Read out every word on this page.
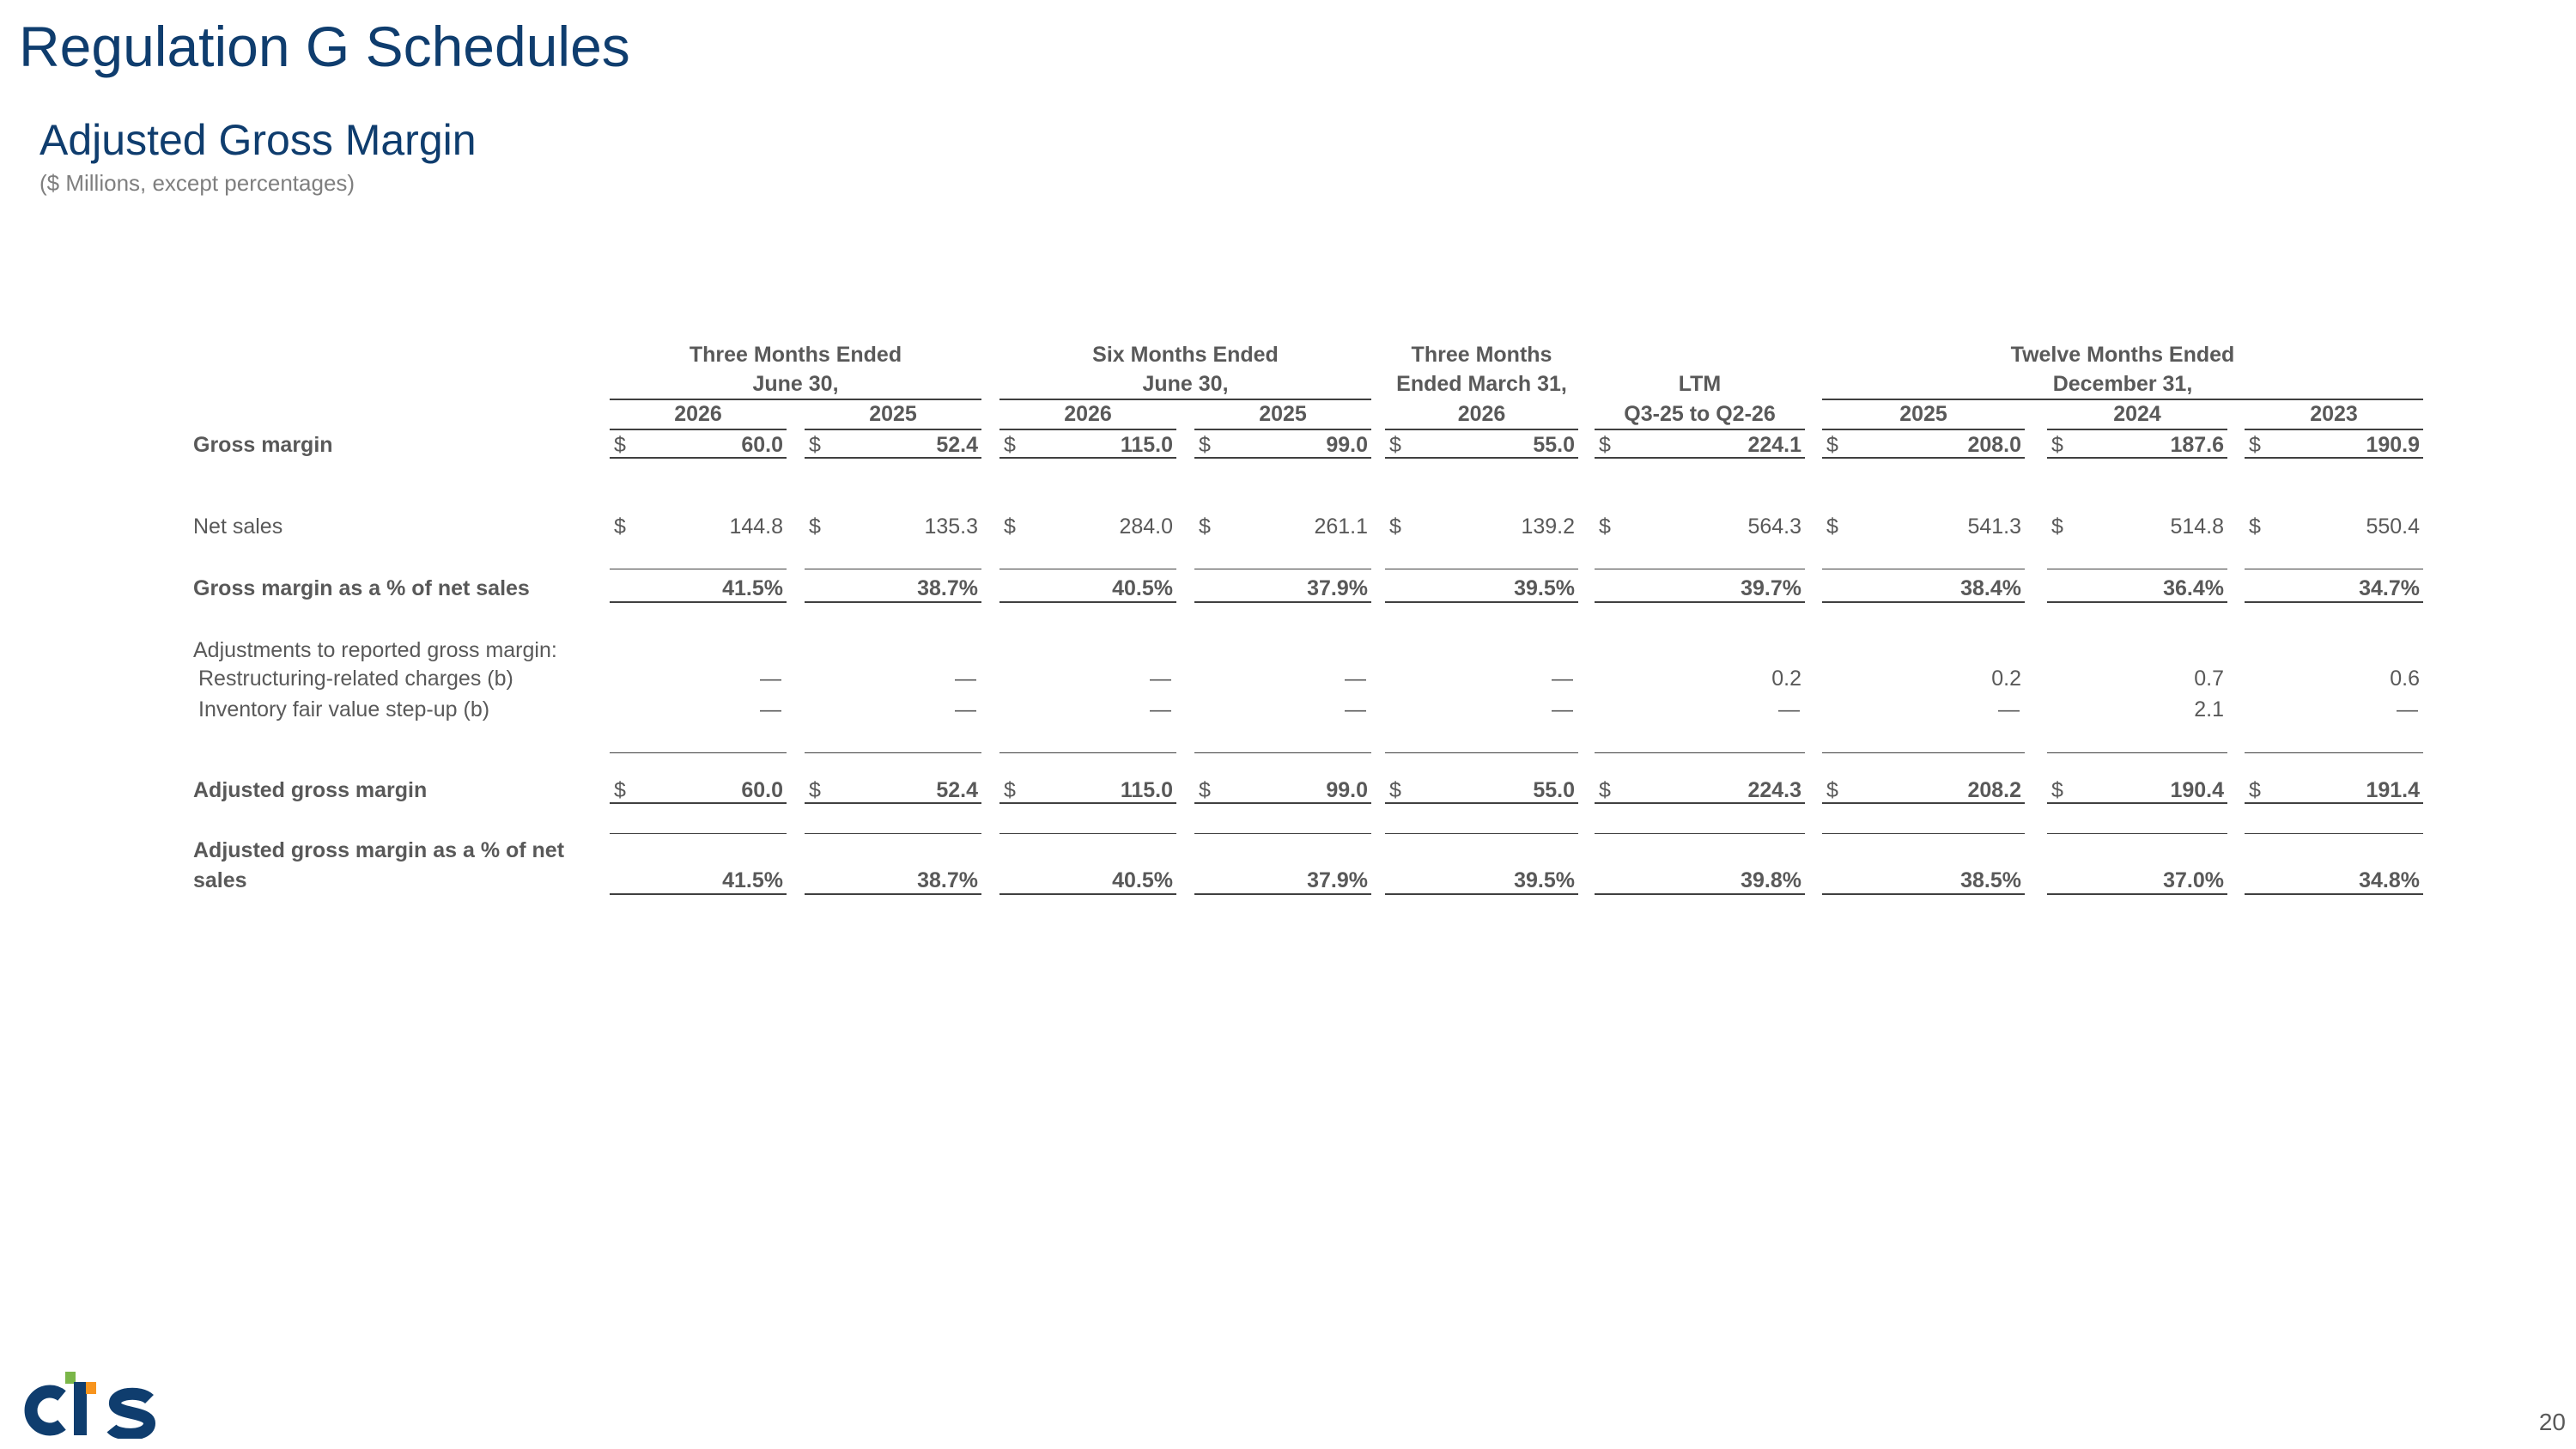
Regulation G Schedules
Adjusted Gross Margin
($ Millions, except percentages)
Three Months Ended
June 30,
Six Months Ended
June 30,
Three Months
Ended March 31,	LTM
Twelve Months Ended
December 31,
2026	2025	2026	2025	2026	Q3-25 to Q2-26	2025	2024	2023
Gross margin	$	60.0 $	52.4 $	115.0 $	99.0 $	55.0 $	224.1 $	208.0 $	187.6 $	190.9
Net sales	$	144.8 $	135.3 $	284.0 $	261.1 $	139.2 $	564.3 $	541.3 $	514.8 $	550.4
Gross margin as a % of net sales	41.5%	38.7%	40.5%	37.9%	39.5%	39.7%	38.4%	36.4%	34.7%
Adjustments to reported gross margin:
Restructuring-related charges (b)	—	—	—	—	—	0.2	0.2	0.7	0.6
Inventory fair value step-up (b)	—	—	—	—	—	—	—	2.1	—
Adjusted gross margin	$	60.0 $	52.4 $	115.0 $	99.0 $	55.0 $	224.3 $	208.2 $	190.4 $	191.4
Adjusted gross margin as a % of net
sales	41.5%	38.7%	40.5%	37.9%	39.5%	39.8%	38.5%	37.0%	34.8%
20
